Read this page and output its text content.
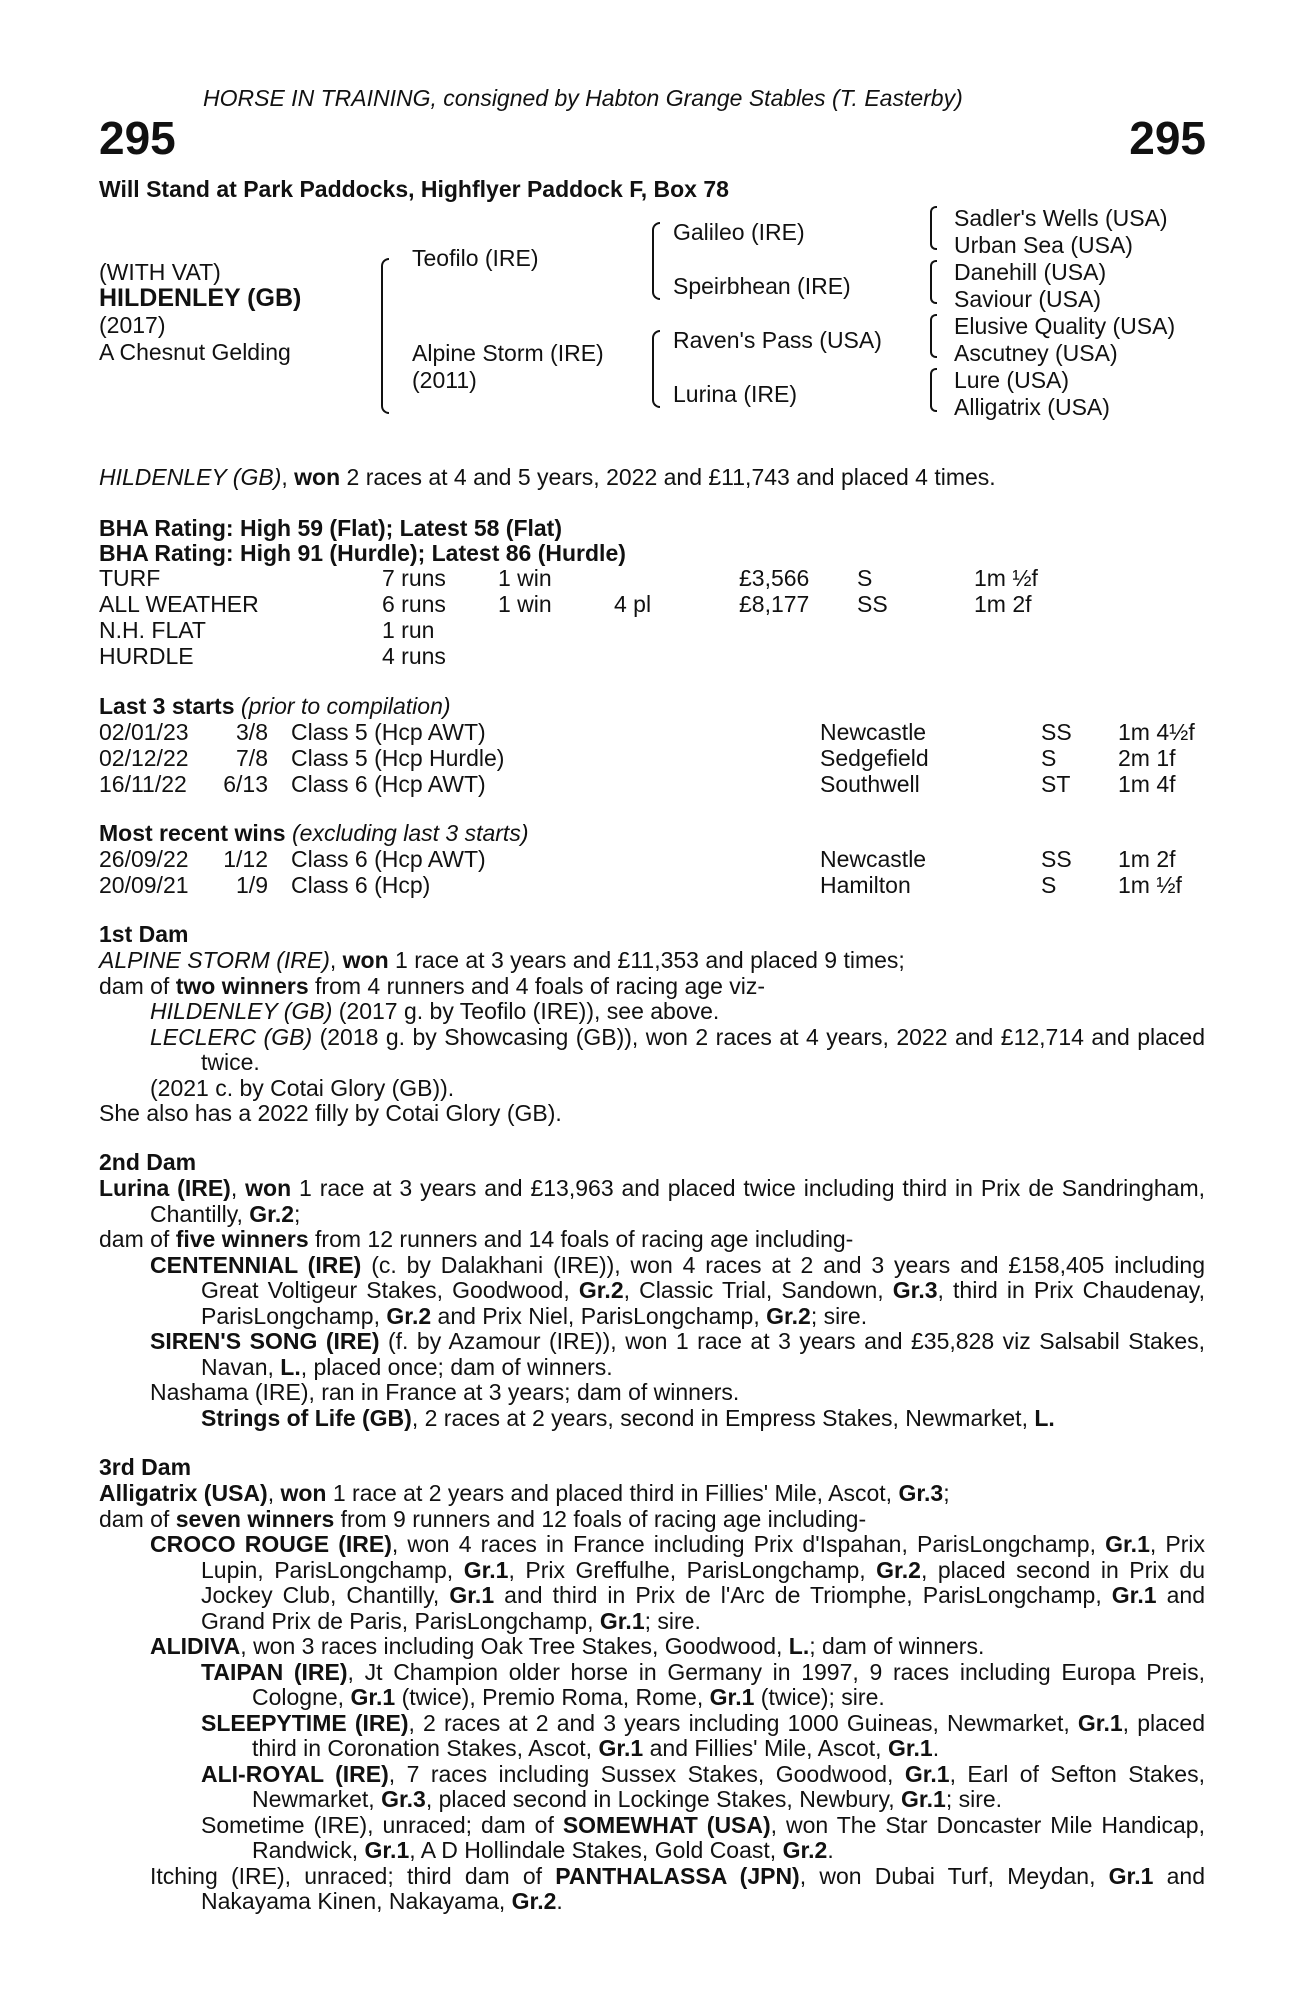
HORSE IN TRAINING, consigned by Habton Grange Stables (T. Easterby)
295	295
Will Stand at Park Paddocks, Highflyer Paddock F, Box 78
(WITH VAT)
HILDENLEY (GB)
(2017)
A Chesnut Gelding
Teofilo (IRE)
Alpine Storm (IRE)
(2011)
Galileo (IRE)
Speirbhean (IRE)
Raven's Pass (USA)
Lurina (IRE)
Sadler's Wells (USA)
Urban Sea (USA)
Danehill (USA)
Saviour (USA)
Elusive Quality (USA)
Ascutney (USA)
Lure (USA)
Alligatrix (USA)
HILDENLEY (GB), won 2 races at 4 and 5 years, 2022 and £11,743 and placed 4 times.
BHA Rating: High 59 (Flat); Latest 58 (Flat)
BHA Rating: High 91 (Hurdle); Latest 86 (Hurdle)
TURF	7 runs 1 win	£3,566 S	1m ½f
ALL WEATHER	6 runs 1 win	4 pl	£8,177 SS	1m 2f
N.H. FLAT	1 run
HURDLE	4 runs
Last 3 starts (prior to compilation)
02/01/23	3/8 Class 5 (Hcp AWT)	Newcastle	SS 1m 4½f
02/12/22	7/8 Class 5 (Hcp Hurdle)	Sedgefield	S	2m 1f
16/11/22	6/13 Class 6 (Hcp AWT)	Southwell	ST 1m 4f
Most recent wins (excluding last 3 starts)
26/09/22	1/12 Class 6 (Hcp AWT)	Newcastle	SS 1m 2f
20/09/21	1/9 Class 6 (Hcp)	Hamilton	S	1m ½f
1st Dam
ALPINE STORM (IRE), won 1 race at 3 years and £11,353 and placed 9 times;
dam of two winners from 4 runners and 4 foals of racing age viz-
HILDENLEY (GB) (2017 g. by Teofilo (IRE)), see above.
LECLERC (GB) (2018 g. by Showcasing (GB)), won 2 races at 4 years, 2022 and £12,714 and placed twice.
(2021 c. by Cotai Glory (GB)).
She also has a 2022 filly by Cotai Glory (GB).
2nd Dam
Lurina (IRE), won 1 race at 3 years and £13,963 and placed twice including third in Prix de Sandringham, Chantilly, Gr.2;
dam of five winners from 12 runners and 14 foals of racing age including-
CENTENNIAL (IRE) (c. by Dalakhani (IRE)), won 4 races at 2 and 3 years and £158,405 including Great Voltigeur Stakes, Goodwood, Gr.2, Classic Trial, Sandown, Gr.3, third in Prix Chaudenay, ParisLongchamp, Gr.2 and Prix Niel, ParisLongchamp, Gr.2; sire.
SIREN'S SONG (IRE) (f. by Azamour (IRE)), won 1 race at 3 years and £35,828 viz Salsabil Stakes, Navan, L., placed once; dam of winners.
Nashama (IRE), ran in France at 3 years; dam of winners.
Strings of Life (GB), 2 races at 2 years, second in Empress Stakes, Newmarket, L.
3rd Dam
Alligatrix (USA), won 1 race at 2 years and placed third in Fillies' Mile, Ascot, Gr.3;
dam of seven winners from 9 runners and 12 foals of racing age including-
CROCO ROUGE (IRE), won 4 races in France including Prix d'Ispahan, ParisLongchamp, Gr.1, Prix Lupin, ParisLongchamp, Gr.1, Prix Greffulhe, ParisLongchamp, Gr.2, placed second in Prix du Jockey Club, Chantilly, Gr.1 and third in Prix de l'Arc de Triomphe, ParisLongchamp, Gr.1 and Grand Prix de Paris, ParisLongchamp, Gr.1; sire.
ALIDIVA, won 3 races including Oak Tree Stakes, Goodwood, L.; dam of winners.
TAIPAN (IRE), Jt Champion older horse in Germany in 1997, 9 races including Europa Preis, Cologne, Gr.1 (twice), Premio Roma, Rome, Gr.1 (twice); sire.
SLEEPYTIME (IRE), 2 races at 2 and 3 years including 1000 Guineas, Newmarket, Gr.1, placed third in Coronation Stakes, Ascot, Gr.1 and Fillies' Mile, Ascot, Gr.1.
ALI-ROYAL (IRE), 7 races including Sussex Stakes, Goodwood, Gr.1, Earl of Sefton Stakes, Newmarket, Gr.3, placed second in Lockinge Stakes, Newbury, Gr.1; sire.
Sometime (IRE), unraced; dam of SOMEWHAT (USA), won The Star Doncaster Mile Handicap, Randwick, Gr.1, A D Hollindale Stakes, Gold Coast, Gr.2.
Itching (IRE), unraced; third dam of PANTHALASSA (JPN), won Dubai Turf, Meydan, Gr.1 and Nakayama Kinen, Nakayama, Gr.2.
